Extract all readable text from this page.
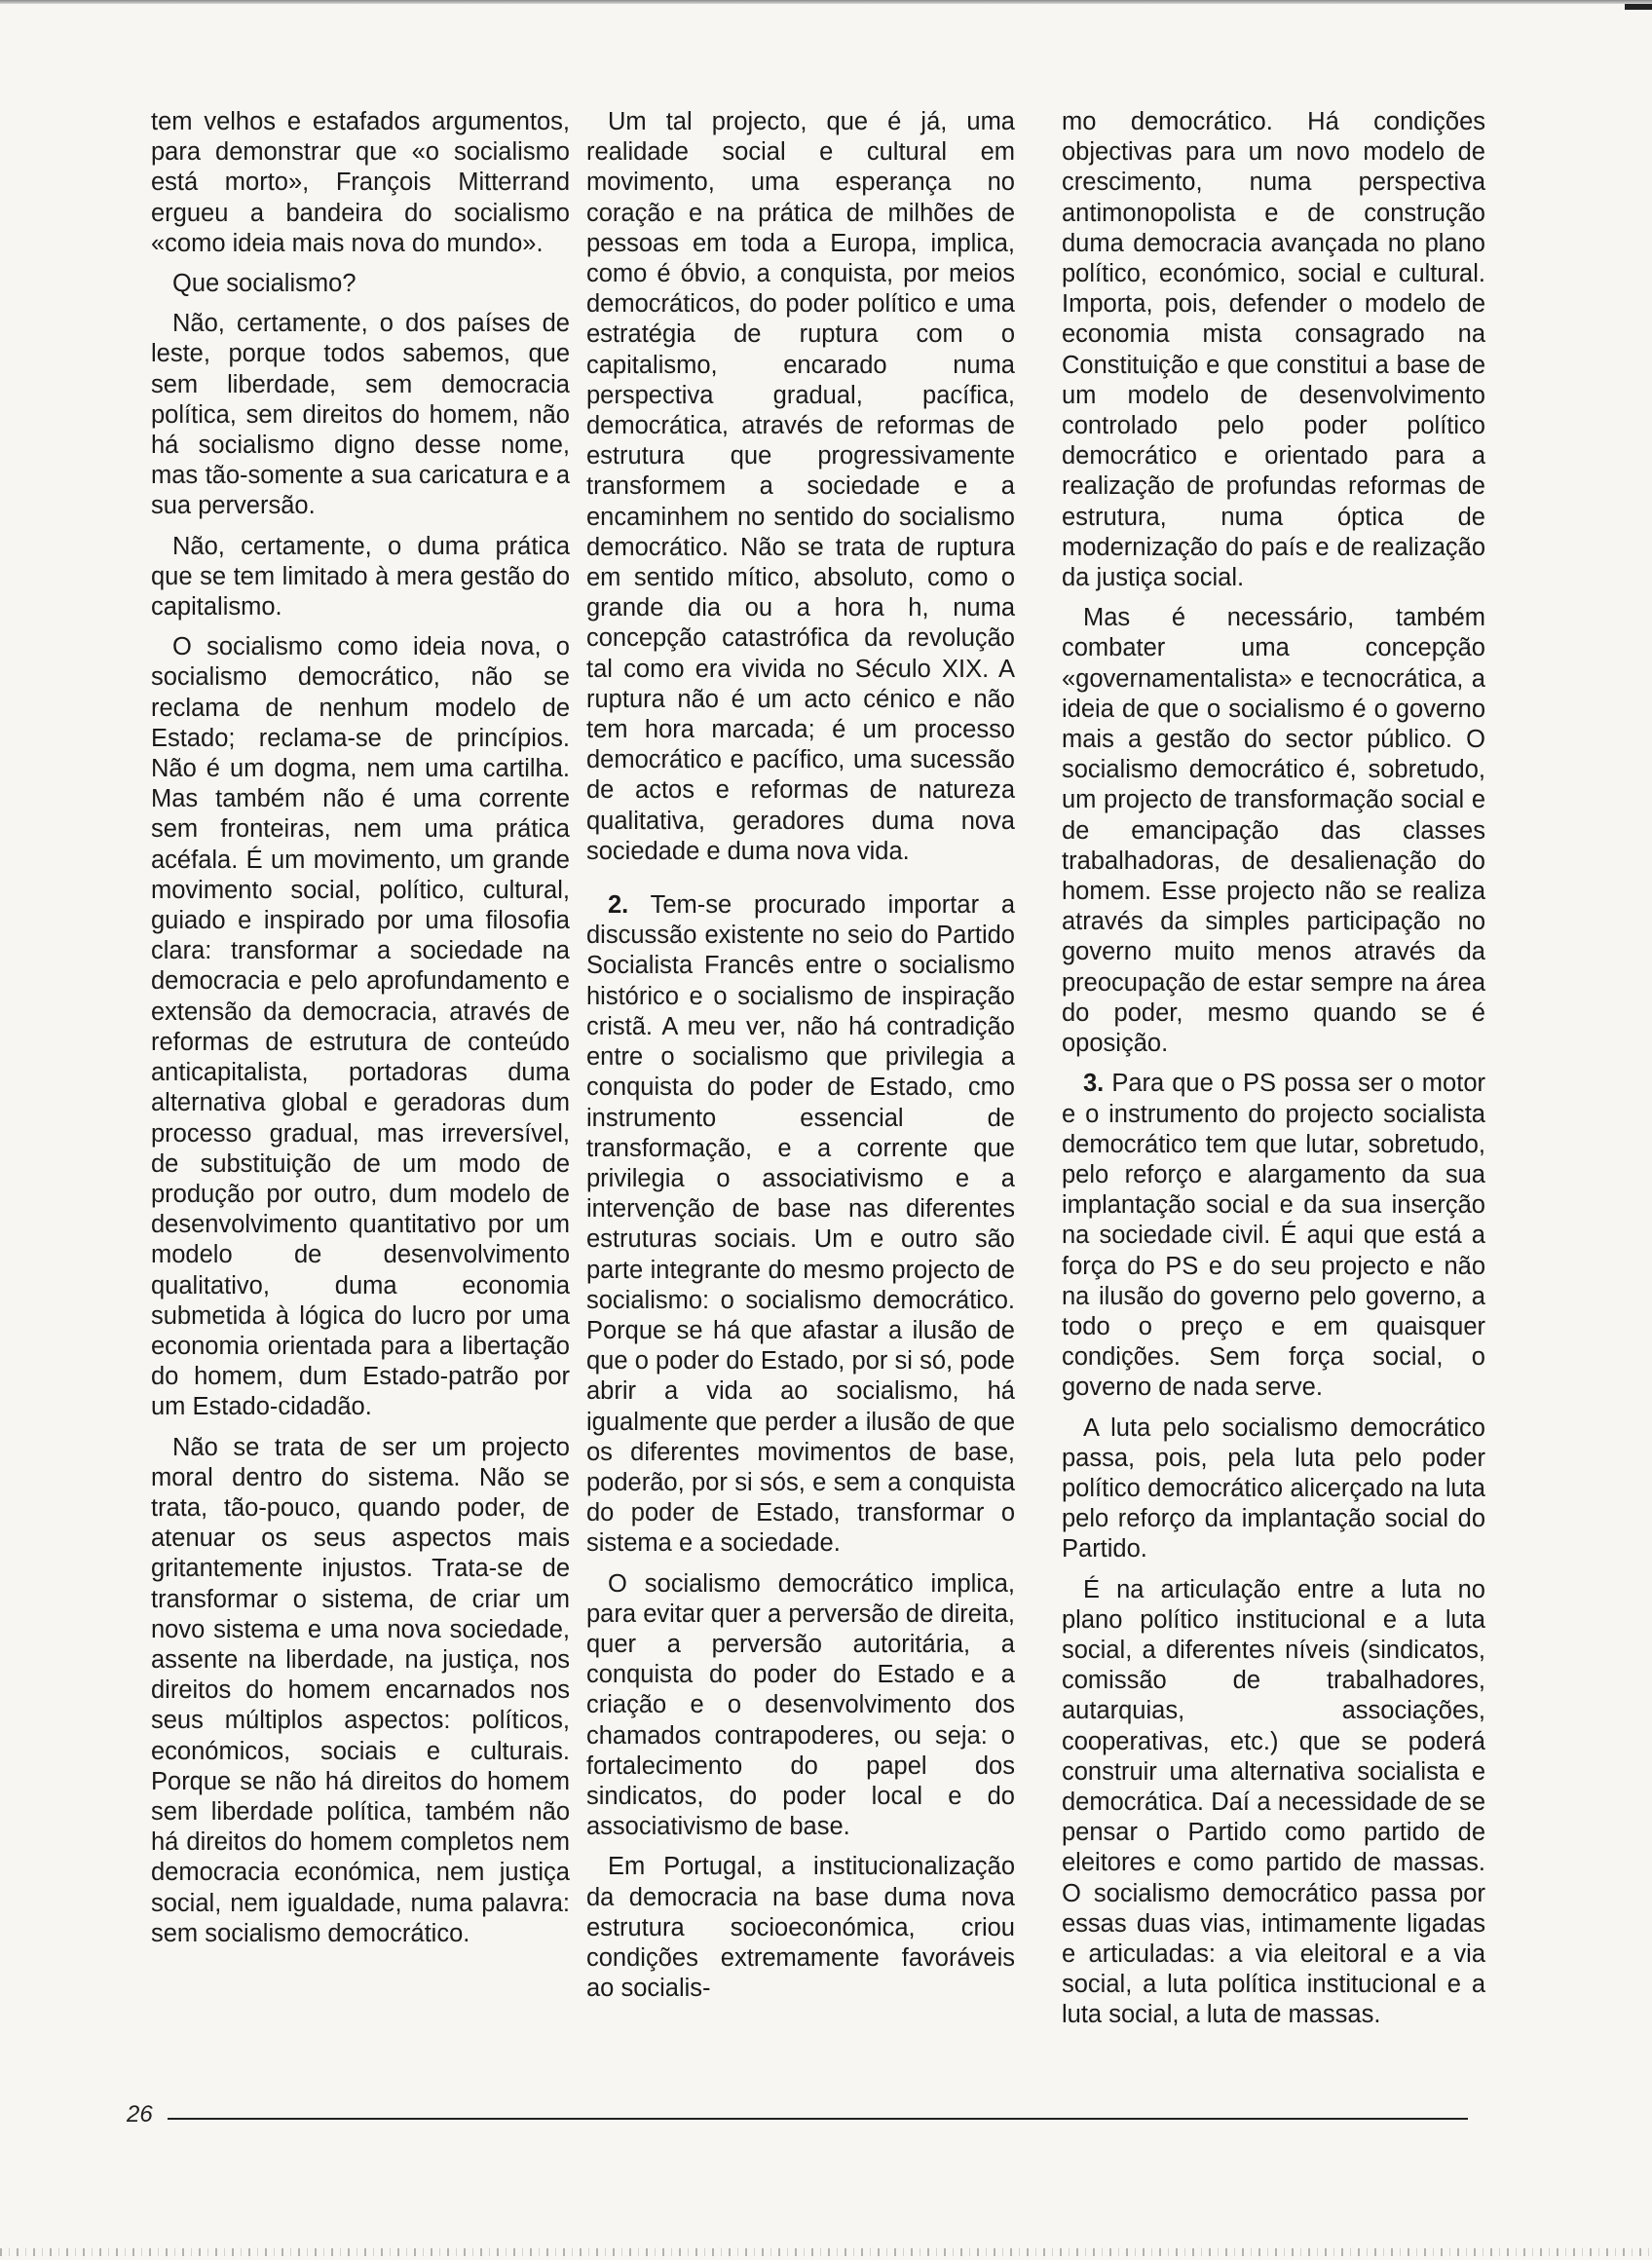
tem velhos e estafados argumentos, para demonstrar que «o socialismo está morto», François Mitterrand ergueu a bandeira do socialismo «como ideia mais nova do mundo».

Que socialismo?

Não, certamente, o dos países de leste, porque todos sabemos, que sem liberdade, sem democracia política, sem direitos do homem, não há socialismo digno desse nome, mas tão-somente a sua caricatura e a sua perversão.

Não, certamente, o duma prática que se tem limitado à mera gestão do capitalismo.

O socialismo como ideia nova, o socialismo democrático, não se reclama de nenhum modelo de Estado; reclama-se de princípios. Não é um dogma, nem uma cartilha. Mas também não é uma corrente sem fronteiras, nem uma prática acéfala. É um movimento, um grande movimento social, político, cultural, guiado e inspirado por uma filosofia clara: transformar a sociedade na democracia e pelo aprofundamento e extensão da democracia, através de reformas de estrutura de conteúdo anticapitalista, portadoras duma alternativa global e geradoras dum processo gradual, mas irreversível, de substituição de um modo de produção por outro, dum modelo de desenvolvimento quantitativo por um modelo de desenvolvimento qualitativo, duma economia submetida à lógica do lucro por uma economia orientada para a libertação do homem, dum Estado-patrão por um Estado-cidadão.

Não se trata de ser um projecto moral dentro do sistema. Não se trata, tão-pouco, quando poder, de atenuar os seus aspectos mais gritantemente injustos. Trata-se de transformar o sistema, de criar um novo sistema e uma nova sociedade, assente na liberdade, na justiça, nos direitos do homem encarnados nos seus múltiplos aspectos: políticos, económicos, sociais e culturais. Porque se não há direitos do homem sem liberdade política, também não há direitos do homem completos nem democracia económica, nem justiça social, nem igualdade, numa palavra: sem socialismo democrático.

Um tal projecto, que é já, uma realidade social e cultural em movimento, uma esperança no coração e na prática de milhões de pessoas em toda a Europa, implica, como é óbvio, a conquista, por meios democráticos, do poder político e uma estratégia de ruptura com o capitalismo, encarado numa perspectiva gradual, pacífica, democrática, através de reformas de estrutura que progressivamente transformem a sociedade e a encaminhem no sentido do socialismo democrático. Não se trata de ruptura em sentido mítico, absoluto, como o grande dia ou a hora h, numa concepção catastrófica da revolução tal como era vivida no Século XIX. A ruptura não é um acto cénico e não tem hora marcada; é um processo democrático e pacífico, uma sucessão de actos e reformas de natureza qualitativa, geradores duma nova sociedade e duma nova vida.

2. Tem-se procurado importar a discussão existente no seio do Partido Socialista Francês entre o socialismo histórico e o socialismo de inspiração cristã. A meu ver, não há contradição entre o socialismo que privilegia a conquista do poder de Estado, cmo instrumento essencial de transformação, e a corrente que privilegia o associativismo e a intervenção de base nas diferentes estruturas sociais. Um e outro são parte integrante do mesmo projecto de socialismo: o socialismo democrático. Porque se há que afastar a ilusão de que o poder do Estado, por si só, pode abrir a vida ao socialismo, há igualmente que perder a ilusão de que os diferentes movimentos de base, poderão, por si sós, e sem a conquista do poder de Estado, transformar o sistema e a sociedade.

O socialismo democrático implica, para evitar quer a perversão de direita, quer a perversão autoritária, a conquista do poder do Estado e a criação e o desenvolvimento dos chamados contrapoderes, ou seja: o fortalecimento do papel dos sindicatos, do poder local e do associativismo de base.

Em Portugal, a institucionalização da democracia na base duma nova estrutura socioeconómica, criou condições extremamente favoráveis ao socialis-

mo democrático. Há condições objectivas para um novo modelo de crescimento, numa perspectiva antimonopolista e de construção duma democracia avançada no plano político, económico, social e cultural. Importa, pois, defender o modelo de economia mista consagrado na Constituição e que constitui a base de um modelo de desenvolvimento controlado pelo poder político democrático e orientado para a realização de profundas reformas de estrutura, numa óptica de modernização do país e de realização da justiça social.

Mas é necessário, também combater uma concepção «governamentalista» e tecnocrática, a ideia de que o socialismo é o governo mais a gestão do sector público. O socialismo democrático é, sobretudo, um projecto de transformação social e de emancipação das classes trabalhadoras, de desalienação do homem. Esse projecto não se realiza através da simples participação no governo muito menos através da preocupação de estar sempre na área do poder, mesmo quando se é oposição.

3. Para que o PS possa ser o motor e o instrumento do projecto socialista democrático tem que lutar, sobretudo, pelo reforço e alargamento da sua implantação social e da sua inserção na sociedade civil. É aqui que está a força do PS e do seu projecto e não na ilusão do governo pelo governo, a todo o preço e em quaisquer condições. Sem força social, o governo de nada serve.

A luta pelo socialismo democrático passa, pois, pela luta pelo poder político democrático alicerçado na luta pelo reforço da implantação social do Partido.

É na articulação entre a luta no plano político institucional e a luta social, a diferentes níveis (sindicatos, comissão de trabalhadores, autarquias, associações, cooperativas, etc.) que se poderá construir uma alternativa socialista e democrática. Daí a necessidade de se pensar o Partido como partido de eleitores e como partido de massas. O socialismo democrático passa por essas duas vias, intimamente ligadas e articuladas: a via eleitoral e a via social, a luta política institucional e a luta social, a luta de massas.

26
